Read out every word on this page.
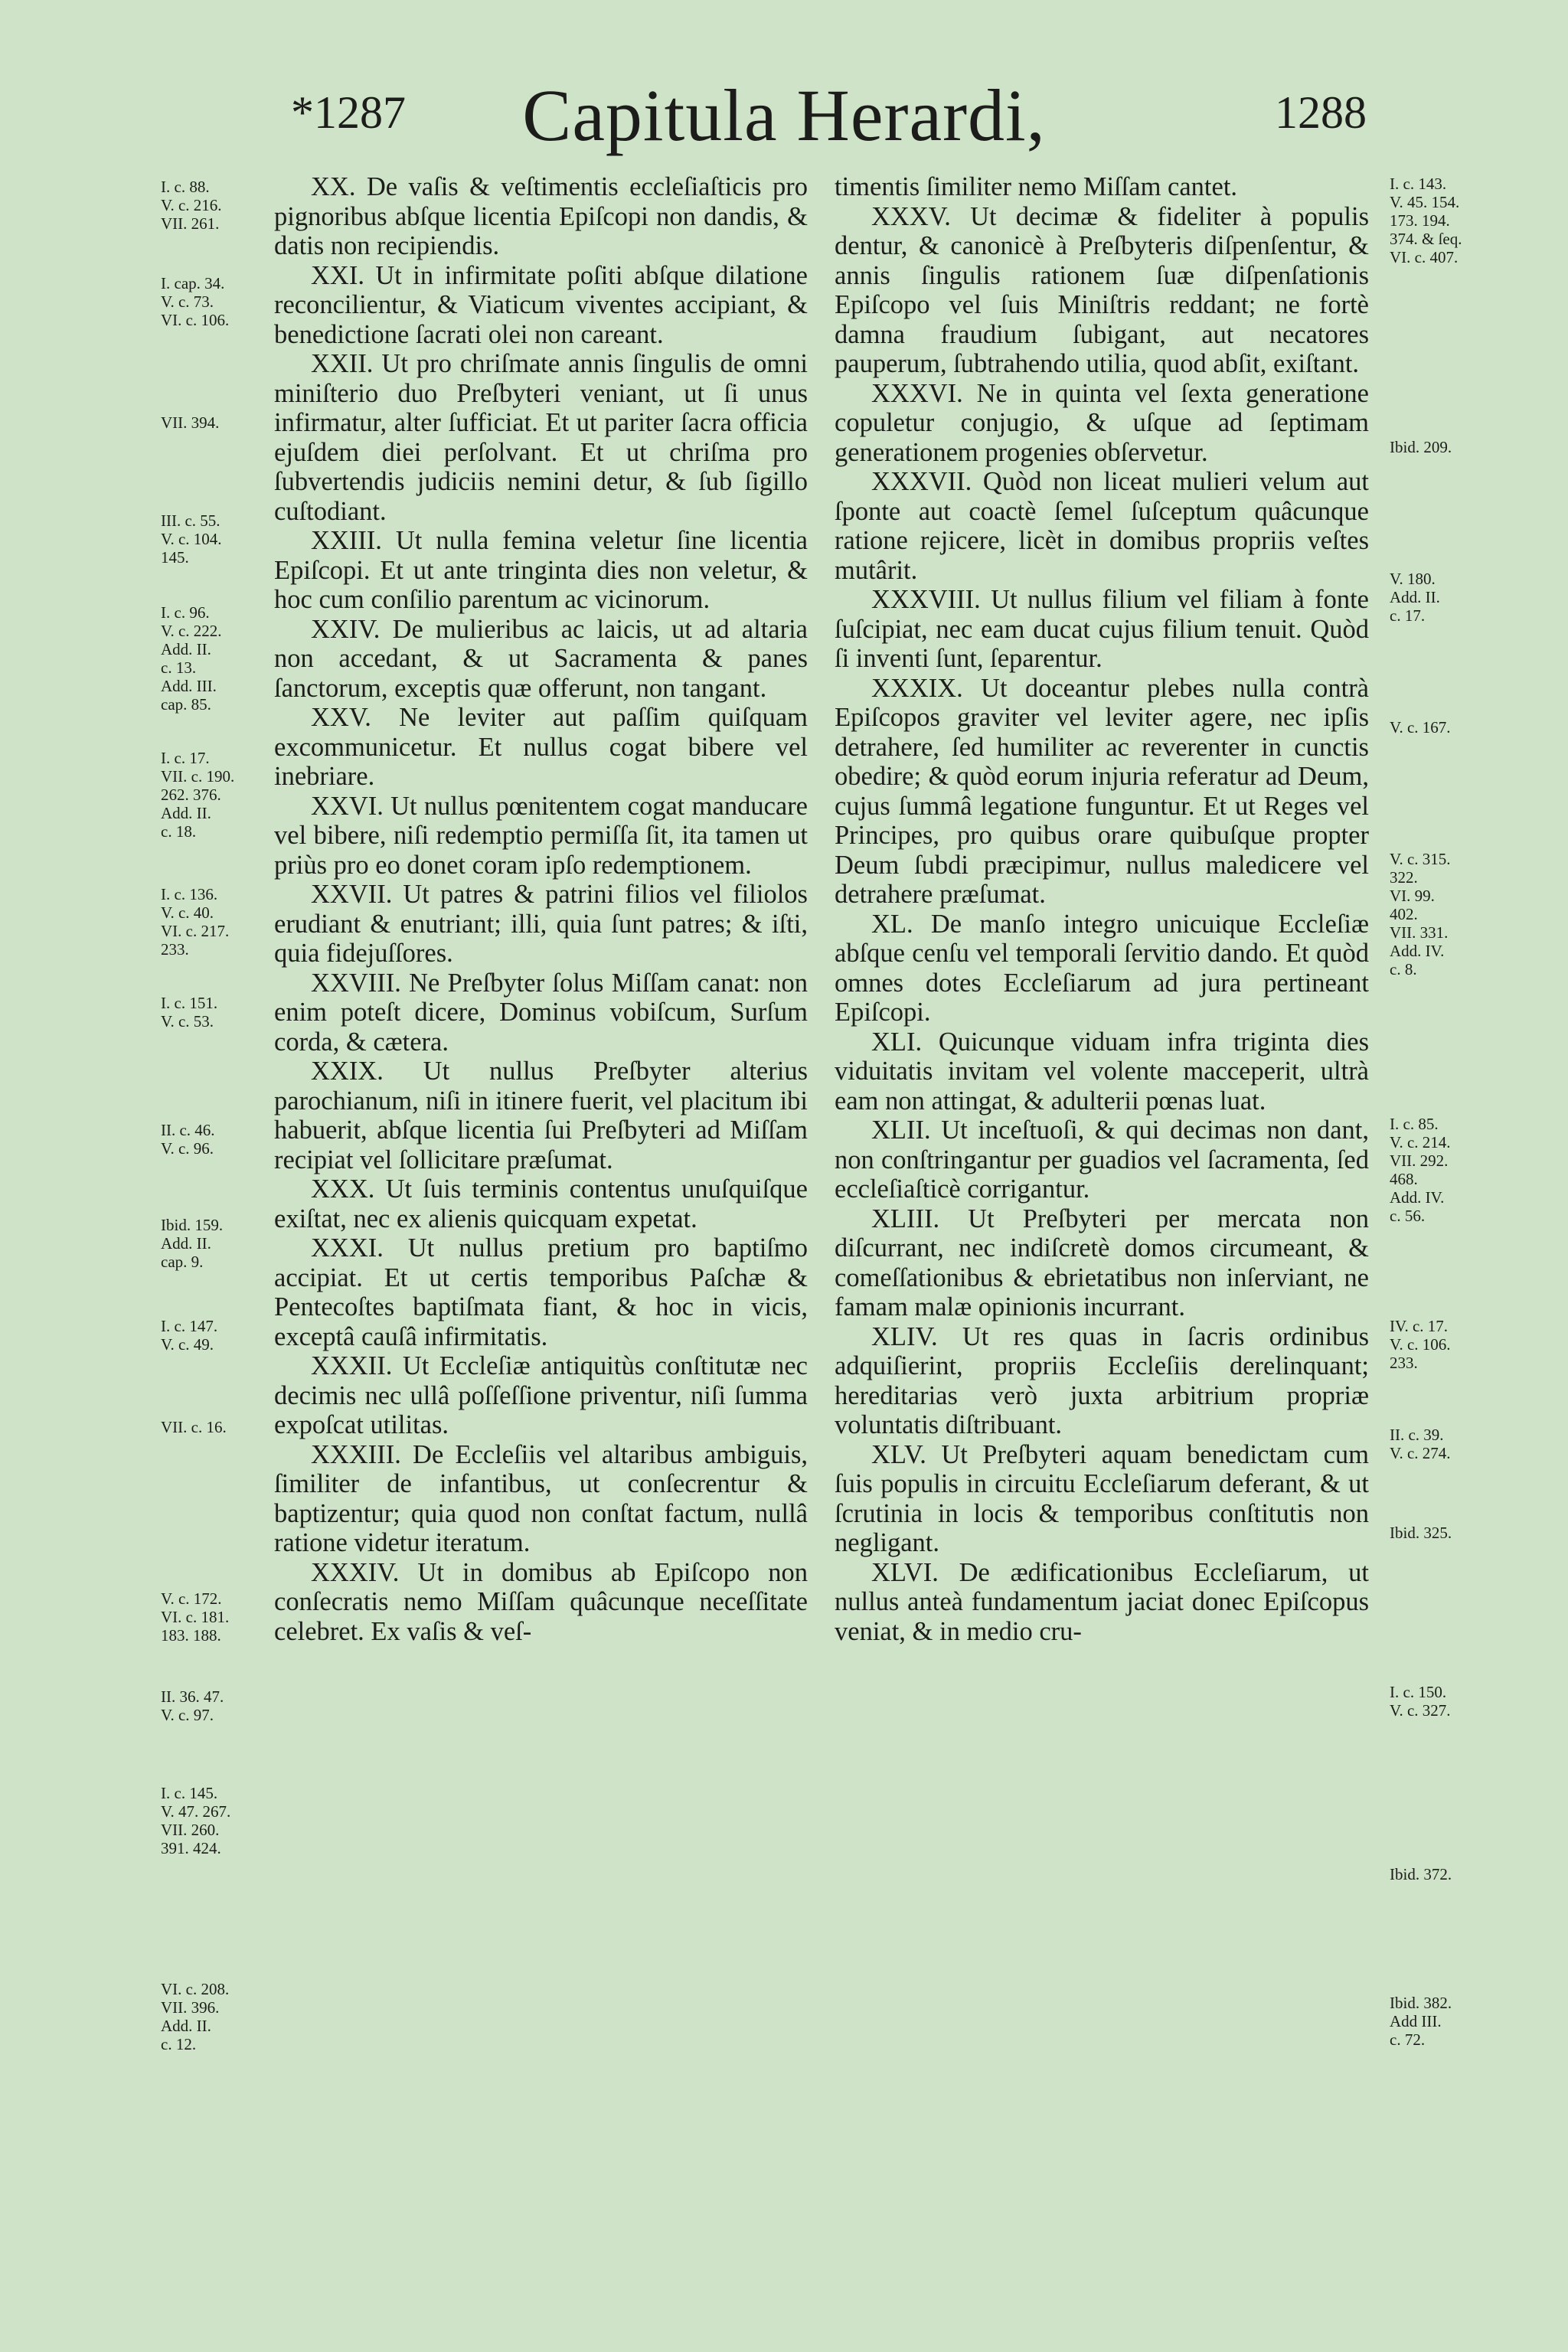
*1287	Capitula Herardi,	1288

XX. De vaſis & veſtimentis eccleſiaſticis pro pignoribus abſque licentia Epiſcopi non dandis, & datis non recipiendis.

XXI. Ut in infirmitate poſiti abſque dilatione reconcilientur, & Viaticum viventes accipiant, & benedictione ſacrati olei non careant.

XXII. Ut pro chriſmate annis ſingulis de omni miniſterio duo Preſbyteri veniant, ut ſi unus infirmatur, alter ſufficiat. Et ut pariter ſacra officia ejuſdem diei perſolvant. Et ut chriſma pro ſubvertendis judiciis nemini detur, & ſub ſigillo cuſtodiant.

XXIII. Ut nulla femina veletur ſine licentia Epiſcopi. Et ut ante tringinta dies non veletur, & hoc cum conſilio parentum ac vicinorum.

XXIV. De mulieribus ac laicis, ut ad altaria non accedant, & ut Sacramenta & panes ſanctorum, exceptis quæ offerunt, non tangant.

XXV. Ne leviter aut paſſim quiſquam excommunicetur. Et nullus cogat bibere vel inebriare.

XXVI. Ut nullus pœnitentem cogat manducare vel bibere, niſi redemptio permiſſa ſit, ita tamen ut priùs pro eo donet coram ipſo redemptionem.

XXVII. Ut patres & patrini filios vel filiolos erudiant & enutriant; illi, quia ſunt patres; & iſti, quia fidejuſſores.

XXVIII. Ne Preſbyter ſolus Miſſam canat: non enim poteſt dicere, Dominus vobiſcum, Surſum corda, & cætera.

XXIX. Ut nullus Preſbyter alterius parochianum, niſi in itinere fuerit, vel placitum ibi habuerit, abſque licentia ſui Preſbyteri ad Miſſam recipiat vel ſollicitare præſumat.

XXX. Ut ſuis terminis contentus unuſquiſque exiſtat, nec ex alienis quicquam expetat.

XXXI. Ut nullus pretium pro baptiſmo accipiat. Et ut certis temporibus Paſchæ & Pentecoſtes baptiſmata fiant, & hoc in vicis, exceptâ cauſâ infirmitatis.

XXXII. Ut Eccleſiæ antiquitùs conſtitutæ nec decimis nec ullâ poſſeſſione priventur, niſi ſumma expoſcat utilitas.

XXXIII. De Eccleſiis vel altaribus ambiguis, ſimiliter de infantibus, ut conſecrentur & baptizentur; quia quod non conſtat factum, nullâ ratione videtur iteratum.

XXXIV. Ut in domibus ab Epiſcopo non conſecratis nemo Miſſam quâcunque neceſſitate celebret. Ex vaſis & veſ-

timentis ſimiliter nemo Miſſam cantet.

XXXV. Ut decimæ & fideliter à populis dentur, & canonicè à Preſbyteris diſpenſentur, & annis ſingulis rationem ſuæ diſpenſationis Epiſcopo vel ſuis Miniſtris reddant; ne fortè damna fraudium ſubigant, aut necatores pauperum, ſubtrahendo utilia, quod abſit, exiſtant.

XXXVI. Ne in quinta vel ſexta generatione copuletur conjugio, & uſque ad ſeptimam generationem progenies obſervetur.

XXXVII. Quòd non liceat mulieri velum aut ſponte aut coactè ſemel ſuſceptum quâcunque ratione rejicere, licèt in domibus propriis veſtes mutârit.

XXXVIII. Ut nullus filium vel filiam à fonte ſuſcipiat, nec eam ducat cujus filium tenuit. Quòd ſi inventi ſunt, ſeparentur.

XXXIX. Ut doceantur plebes nulla contrà Epiſcopos graviter vel leviter agere, nec ipſis detrahere, ſed humiliter ac reverenter in cunctis obedire; & quòd eorum injuria referatur ad Deum, cujus ſummâ legatione funguntur. Et ut Reges vel Principes, pro quibus orare quibuſque propter Deum ſubdi præcipimur, nullus maledicere vel detrahere præſumat.

XL. De manſo integro unicuique Eccleſiæ abſque cenſu vel temporali ſervitio dando. Et quòd omnes dotes Eccleſiarum ad jura pertineant Epiſcopi.

XLI. Quicunque viduam infra triginta dies viduitatis invitam vel volente macceperit, ultrà eam non attingat, & adulterii pœnas luat.

XLII. Ut inceſtuoſi, & qui decimas non dant, non conſtringantur per guadios vel ſacramenta, ſed eccleſiaſticè corrigantur.

XLIII. Ut Preſbyteri per mercata non diſcurrant, nec indiſcretè domos circumeant, & comeſſationibus & ebrietatibus non inſerviant, ne famam malæ opinionis incurrant.

XLIV. Ut res quas in ſacris ordinibus adquiſierint, propriis Eccleſiis derelinquant; hereditarias verò juxta arbitrium propriæ voluntatis diſtribuant.

XLV. Ut Preſbyteri aquam benedictam cum ſuis populis in circuitu Eccleſiarum deferant, & ut ſcrutinia in locis & temporibus conſtitutis non negligant.

XLVI. De ædificationibus Eccleſiarum, ut nullus anteà fundamentum jaciat donec Epiſcopus veniat, & in medio cru-

I. c. 88.
V. c. 216.
VII. 261.
I. cap. 34.
V. c. 73.
VI. c. 106.
VII. 394.
III. c. 55.
V. c. 104.
145.
I. c. 96.
V. c. 222.
Add. II.
c. 13.
Add. III.
cap. 85.
I. c. 17.
VII. c. 190.
262. 376.
Add. II.
c. 18.
I. c. 136.
V. c. 40.
VI. c. 217.
233.
I. c. 151.
V. c. 53.
II. c. 46.
V. c. 96.
Ibid. 159.
Add. II.
cap. 9.
I. c. 147.
V. c. 49.
VII. c. 16.
V. c. 172.
VI. c. 181.
183. 188.
II. 36. 47.
V. c. 97.
I. c. 145.
V. 47. 267.
VII. 260.
391. 424.
VI. c. 208.
VII. 396.
Add. II.
c. 12.
I. c. 143.
V. 45. 154.
173. 194.
374. & ſeq.
VI. c. 407.
Ibid. 209.
V. 180.
Add. II.
c. 17.
V. c. 167.
V. c. 315.
322.
VI. 99.
402.
VII. 331.
Add. IV.
c. 8.
I. c. 85.
V. c. 214.
VII. 292.
468.
Add. IV.
c. 56.
IV. c. 17.
V. c. 106.
233.
II. c. 39.
V. c. 274.
Ibid. 325.
I. c. 150.
V. c. 327.
Ibid. 372.
Ibid. 382.
Add III.
c. 72.
